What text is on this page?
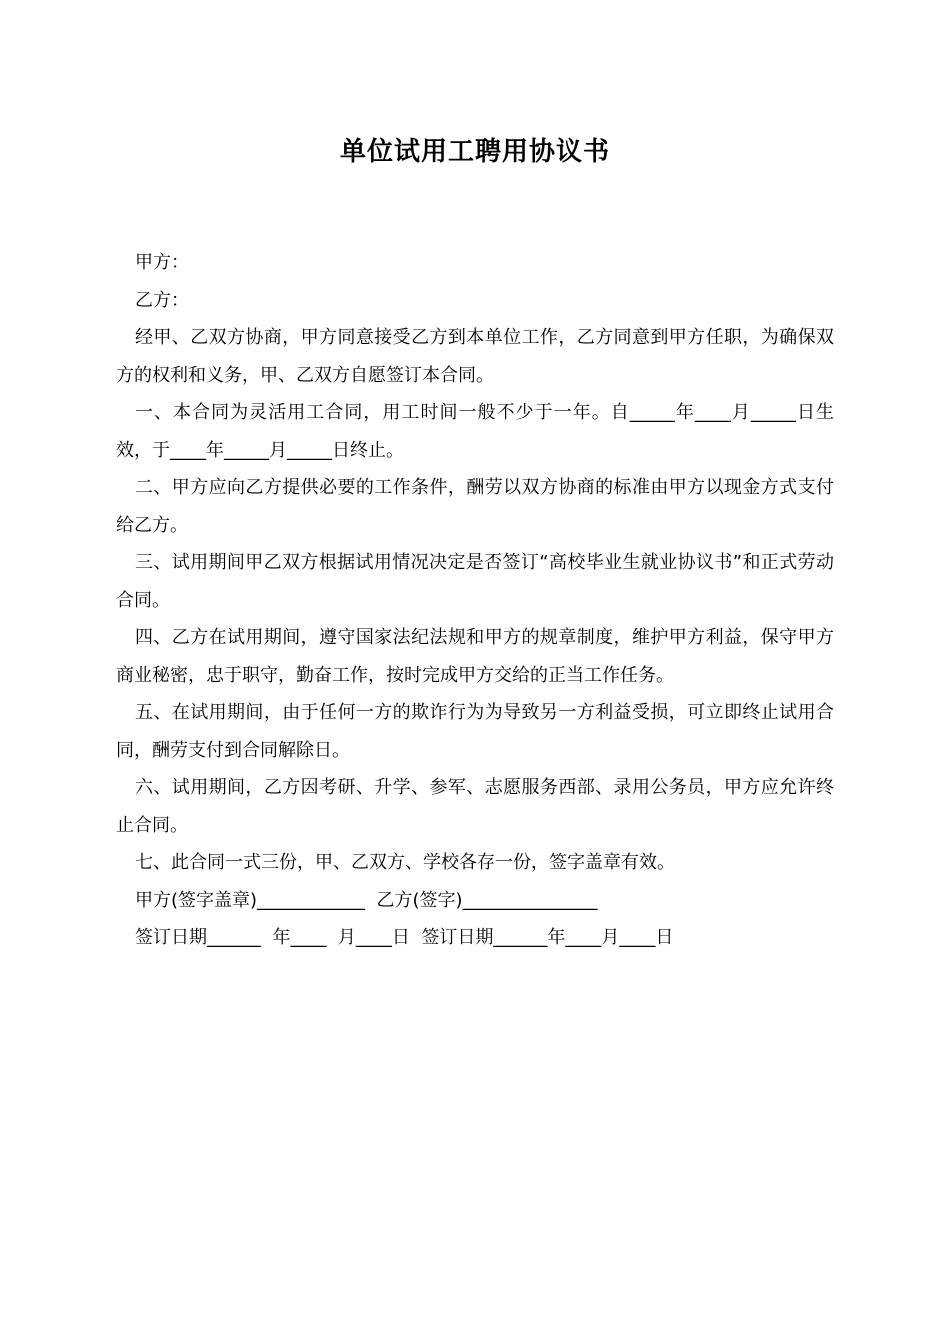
单位试用工聘用协议书

甲方：

乙方：

经甲、乙双方协商，甲方同意接受乙方到本单位工作，乙方同意到甲方任职，为确保双方的权利和义务，甲、乙双方自愿签订本合同。

一、本合同为灵活用工合同，用工时间一般不少于一年。自_____年____月_____日生效，于____年_____月_____日终止。

二、甲方应向乙方提供必要的工作条件，酬劳以双方协商的标准由甲方以现金方式支付给乙方。

三、试用期间甲乙双方根据试用情况决定是否签订“高校毕业生就业协议书”和正式劳动合同。

四、乙方在试用期间，遵守国家法纪法规和甲方的规章制度，维护甲方利益，保守甲方商业秘密，忠于职守，勤奋工作，按时完成甲方交给的正当工作任务。

五、在试用期间，由于任何一方的欺诈行为为导致另一方利益受损，可立即终止试用合同，酬劳支付到合同解除日。

六、试用期间，乙方因考研、升学、参军、志愿服务西部、录用公务员，甲方应允许终止合同。

七、此合同一式三份，甲、乙双方、学校各存一份，签字盖章有效。

甲方(签字盖章)____________  乙方(签字)_______________

签订日期______  年____  月____日  签订日期______年____月____日
